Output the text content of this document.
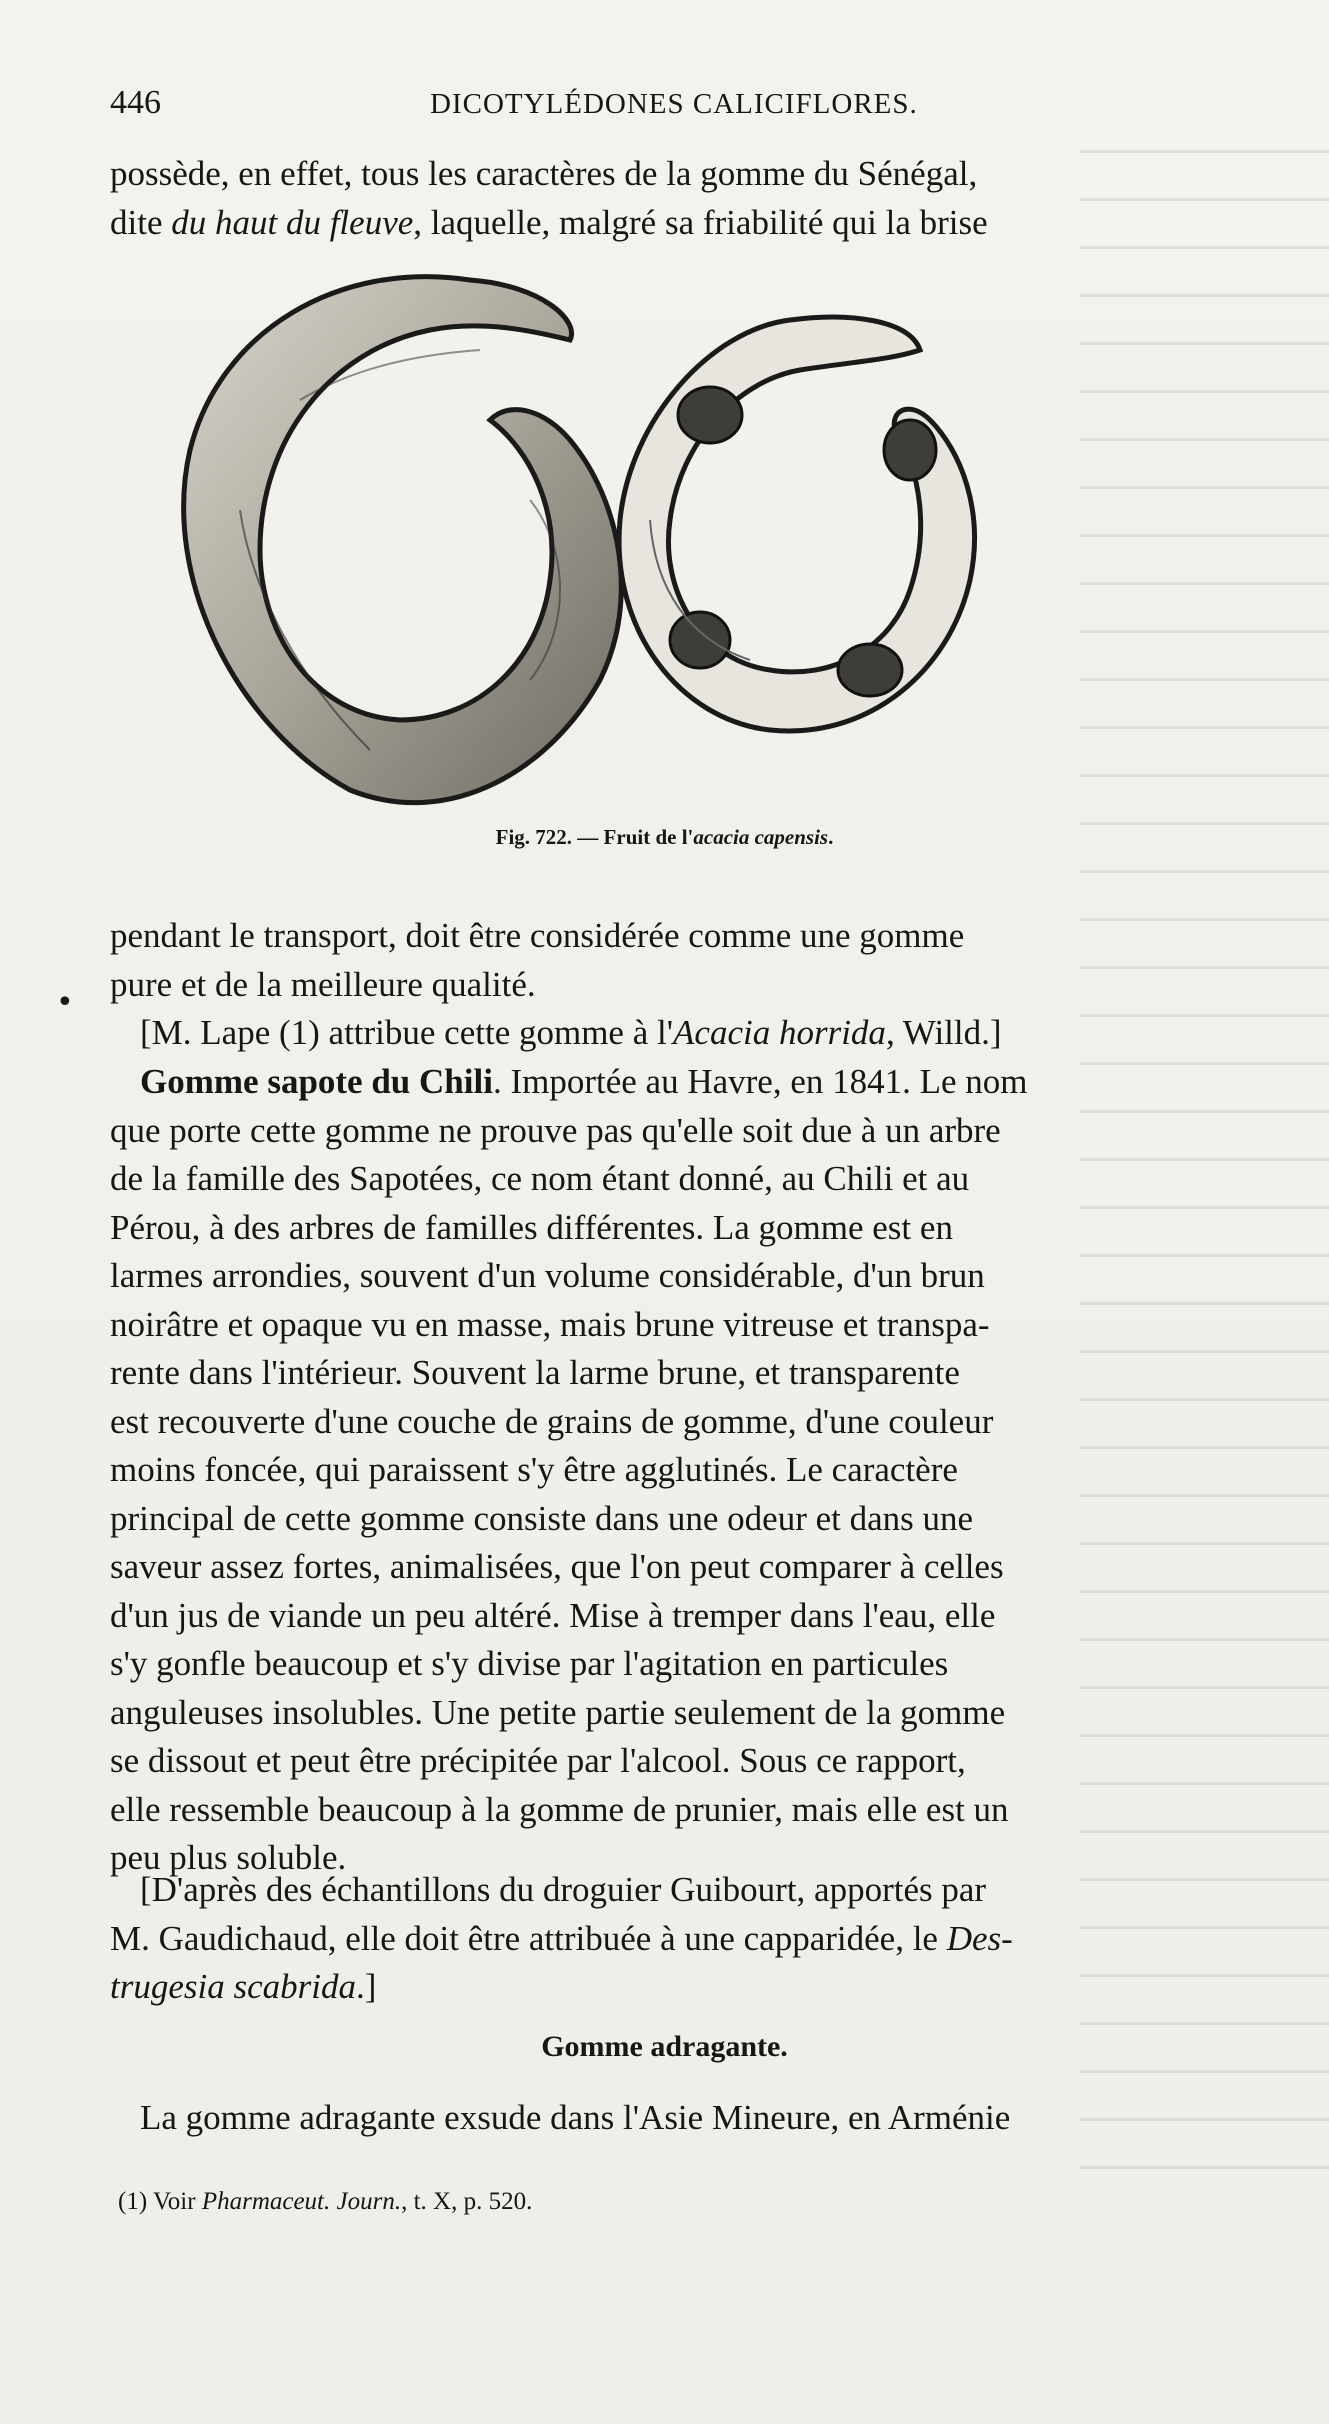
446	DICOTYLÉDONES CALICIFLORES.

possède, en effet, tous les caractères de la gomme du Sénégal,
dite du haut du fleuve, laquelle, malgré sa friabilité qui la brise

Fig. 722. — Fruit de l'acacia capensis.
•

pendant le transport, doit être considérée comme une gomme
pure et de la meilleure qualité.

[M. Lape (1) attribue cette gomme à l'Acacia horrida, Willd.]

Gomme sapote du Chili. Importée au Havre, en 1841. Le nom
que porte cette gomme ne prouve pas qu'elle soit due à un arbre
de la famille des Sapotées, ce nom étant donné, au Chili et au
Pérou, à des arbres de familles différentes. La gomme est en
larmes arrondies, souvent d'un volume considérable, d'un brun
noirâtre et opaque vu en masse, mais brune vitreuse et transpa-
rente dans l'intérieur. Souvent la larme brune, et transparente
est recouverte d'une couche de grains de gomme, d'une couleur
moins foncée, qui paraissent s'y être agglutinés. Le caractère
principal de cette gomme consiste dans une odeur et dans une
saveur assez fortes, animalisées, que l'on peut comparer à celles
d'un jus de viande un peu altéré. Mise à tremper dans l'eau, elle
s'y gonfle beaucoup et s'y divise par l'agitation en particules
anguleuses insolubles. Une petite partie seulement de la gomme
se dissout et peut être précipitée par l'alcool. Sous ce rapport,
elle ressemble beaucoup à la gomme de prunier, mais elle est un
peu plus soluble.

[D'après des échantillons du droguier Guibourt, apportés par
M. Gaudichaud, elle doit être attribuée à une capparidée, le Des-
trugesia scabrida.]

Gomme adragante.

La gomme adragante exsude dans l'Asie Mineure, en Arménie

(1) Voir Pharmaceut. Journ., t. X, p. 520.
